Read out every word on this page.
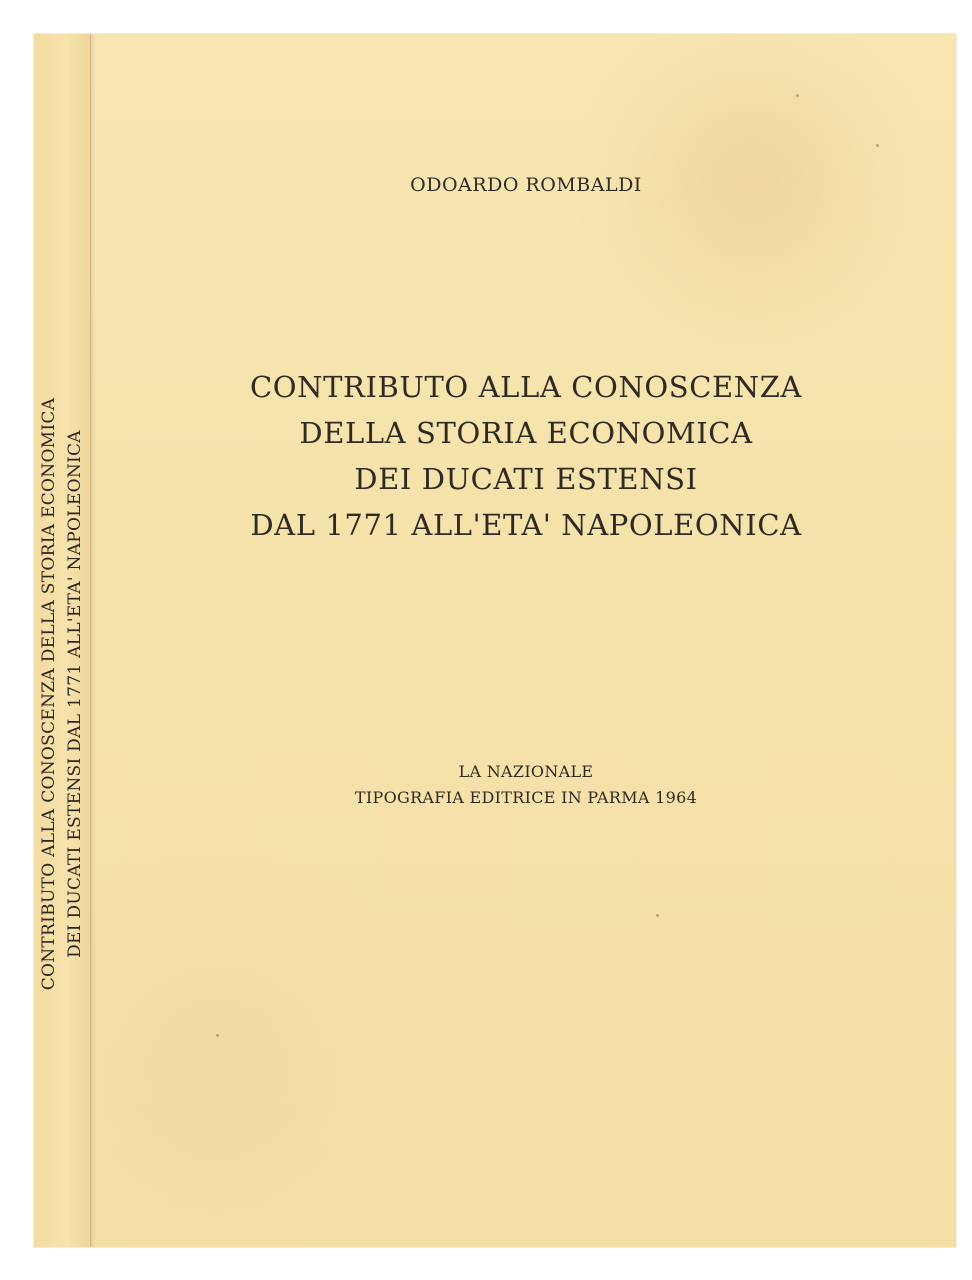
CONTRIBUTO ALLA CONOSCENZA DELLA STORIA ECONOMICA DEI DUCATI ESTENSI DAL 1771 ALL'ETA' NAPOLEONICA
ODOARDO ROMBALDI
CONTRIBUTO ALLA CONOSCENZA
DELLA STORIA ECONOMICA
DEI DUCATI ESTENSI
DAL 1771 ALL'ETA' NAPOLEONICA
LA NAZIONALE
TIPOGRAFIA EDITRICE IN PARMA 1964
